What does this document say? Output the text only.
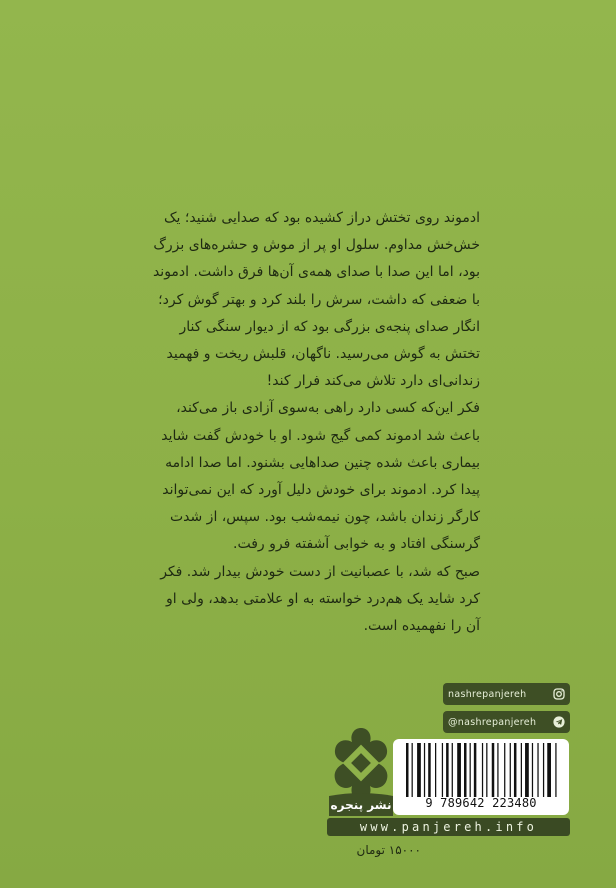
ادموند روی تختش دراز کشیده بود که صدایی شنید؛ یک خش‌خش مداوم. سلول او پر از موش و حشره‌های بزرگ بود، اما این صدا با صدای همه‌ی آن‌ها فرق داشت. ادموند با ضعفی که داشت، سرش را بلند کرد و بهتر گوش کرد؛ انگار صدای پنجه‌ی بزرگی بود که از دیوار سنگی کنار تختش به گوش می‌رسید. ناگهان، قلبش ریخت و فهمید زندانی‌ای دارد تلاش می‌کند فرار کند!

فکر این‌که کسی دارد راهی به‌سوی آزادی باز می‌کند، باعث شد ادموند کمی گیج شود. او با خودش گفت شاید بیماری باعث شده چنین صداهایی بشنود. اما صدا ادامه پیدا کرد. ادموند برای خودش دلیل آورد که این نمی‌تواند کارگر زندان باشد، چون نیمه‌شب بود. سپس، از شدت گرسنگی افتاد و به خوابی آشفته فرو رفت.

صبح که شد، با عصبانیت از دست خودش بیدار شد. فکر کرد شاید یک هم‌درد خواسته به او علامتی بدهد، ولی او آن را نفهمیده است.

nashrepanjereh
@nashrepanjereh
نشر پنجره	9 789642 223480
www.panjereh.info
۱۵۰۰۰ تومان
